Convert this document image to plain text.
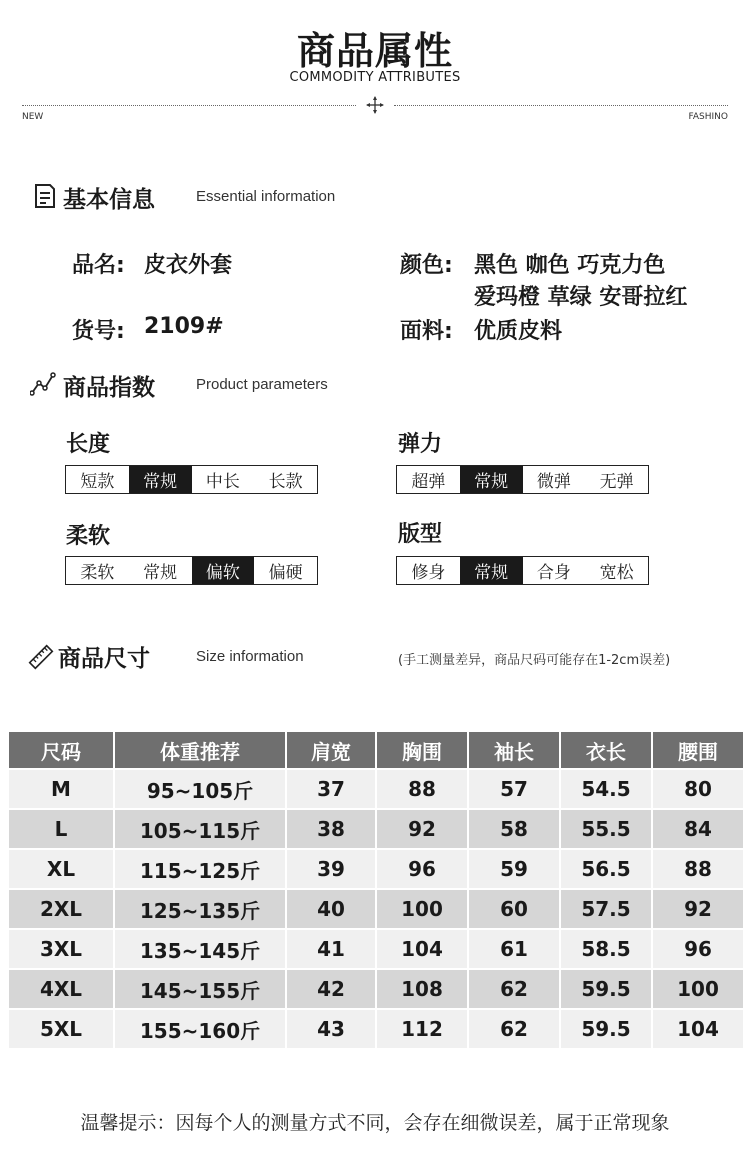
商品属性
COMMODITY ATTRIBUTES
NEW	FASHINO
基本信息	Essential information
品名: 皮衣外套	颜色: 黑色 咖色 巧克力色
爱玛橙 草绿 安哥拉红
货号: 2109#	面料: 优质皮料
商品指数	Product parameters
长度
短款	常规	中长	长款
弹力
超弹	常规	微弹	无弹
柔软
柔软	常规	偏软	偏硬
版型
修身	常规	合身	宽松
商品尺寸	Size information	(手工测量差异，商品尺码可能存在1-2cm误差)
尺码	体重推荐	肩宽	胸围	袖长	衣长	腰围
M	95~105斤	37	88	57	54.5	80
L	105~115斤	38	92	58	55.5	84
XL	115~125斤	39	96	59	56.5	88
2XL	125~135斤	40	100	60	57.5	92
3XL	135~145斤	41	104	61	58.5	96
4XL	145~155斤	42	108	62	59.5	100
5XL	155~160斤	43	112	62	59.5	104
温馨提示：因每个人的测量方式不同，会存在细微误差，属于正常现象
